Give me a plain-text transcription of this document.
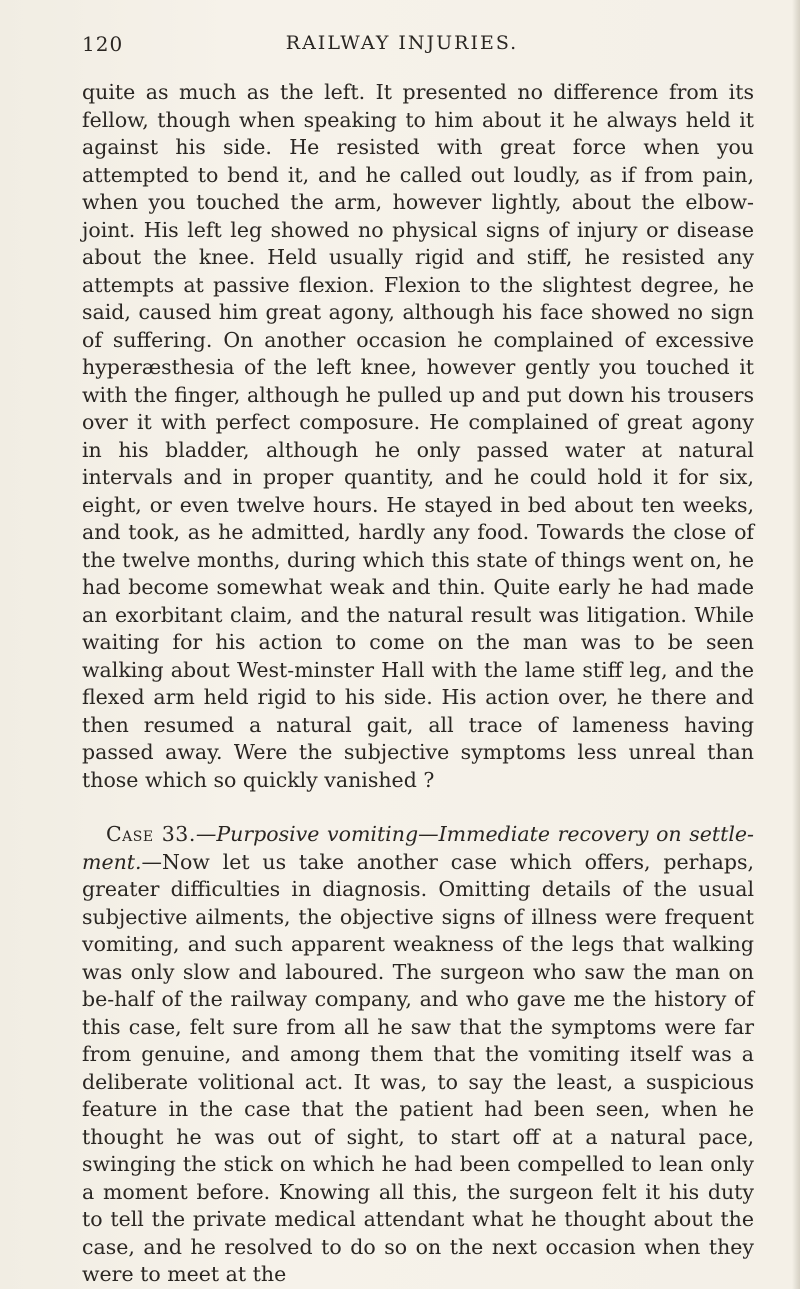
120	RAILWAY INJURIES.

quite as much as the left. It presented no difference from its fellow, though when speaking to him about it he always held it against his side. He resisted with great force when you attempted to bend it, and he called out loudly, as if from pain, when you touched the arm, however lightly, about the elbow-joint. His left leg showed no physical signs of injury or disease about the knee. Held usually rigid and stiff, he resisted any attempts at passive flexion. Flexion to the slightest degree, he said, caused him great agony, although his face showed no sign of suffering. On another occasion he complained of excessive hyperæsthesia of the left knee, however gently you touched it with the finger, although he pulled up and put down his trousers over it with perfect composure. He complained of great agony in his bladder, although he only passed water at natural intervals and in proper quantity, and he could hold it for six, eight, or even twelve hours. He stayed in bed about ten weeks, and took, as he admitted, hardly any food. Towards the close of the twelve months, during which this state of things went on, he had become somewhat weak and thin. Quite early he had made an exorbitant claim, and the natural result was litigation. While waiting for his action to come on the man was to be seen walking about West-minster Hall with the lame stiff leg, and the flexed arm held rigid to his side. His action over, he there and then resumed a natural gait, all trace of lameness having passed away. Were the subjective symptoms less unreal than those which so quickly vanished ?

Case 33.—Purposive vomiting—Immediate recovery on settle-ment.—Now let us take another case which offers, perhaps, greater difficulties in diagnosis. Omitting details of the usual subjective ailments, the objective signs of illness were frequent vomiting, and such apparent weakness of the legs that walking was only slow and laboured. The surgeon who saw the man on be-half of the railway company, and who gave me the history of this case, felt sure from all he saw that the symptoms were far from genuine, and among them that the vomiting itself was a deliberate volitional act. It was, to say the least, a suspicious feature in the case that the patient had been seen, when he thought he was out of sight, to start off at a natural pace, swinging the stick on which he had been compelled to lean only a moment before. Knowing all this, the surgeon felt it his duty to tell the private medical attendant what he thought about the case, and he resolved to do so on the next occasion when they were to meet at the
